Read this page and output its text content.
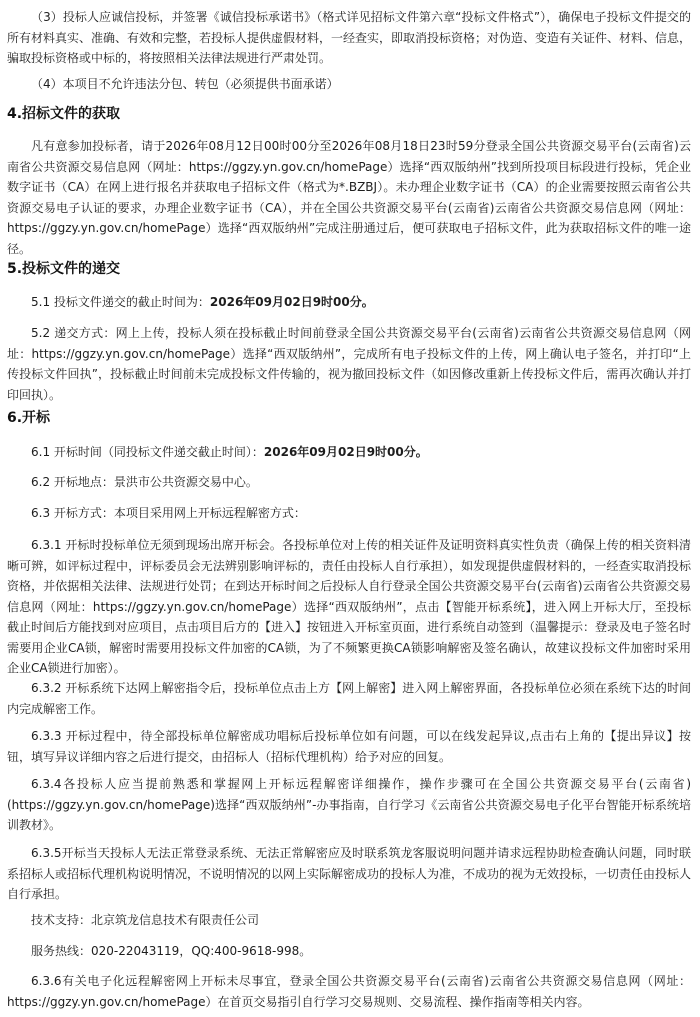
（3）投标人应诚信投标，并签署《诚信投标承诺书》（格式详见招标文件第六章“投标文件格式”），确保电子投标文件提交的所有材料真实、准确、有效和完整，若投标人提供虚假材料，一经查实，即取消投标资格；对伪造、变造有关证件、材料、信息，骗取投标资格或中标的，将按照相关法律法规进行严肃处罚。
（4）本项目不允许违法分包、转包（必须提供书面承诺）
4.招标文件的获取
凡有意参加投标者，请于2026年08月12日00时00分至2026年08月18日23时59分登录全国公共资源交易平台(云南省)云南省公共资源交易信息网（网址：https://ggzy.yn.gov.cn/homePage）选择“西双版纳州”找到所投项目标段进行投标，凭企业数字证书（CA）在网上进行报名并获取电子招标文件（格式为*.BZBJ）。未办理企业数字证书（CA）的企业需要按照云南省公共资源交易电子认证的要求，办理企业数字证书（CA），并在全国公共资源交易平台(云南省)云南省公共资源交易信息网（网址：https://ggzy.yn.gov.cn/homePage）选择“西双版纳州”完成注册通过后，便可获取电子招标文件，此为获取招标文件的唯一途径。
5.投标文件的递交
5.1 投标文件递交的截止时间为：2026年09月02日9时00分。
5.2 递交方式：网上上传，投标人须在投标截止时间前登录全国公共资源交易平台(云南省)云南省公共资源交易信息网（网址：https://ggzy.yn.gov.cn/homePage）选择“西双版纳州”，完成所有电子投标文件的上传，网上确认电子签名，并打印“上传投标文件回执”，投标截止时间前未完成投标文件传输的，视为撤回投标文件（如因修改重新上传投标文件后，需再次确认并打印回执）。
6.开标
6.1 开标时间（同投标文件递交截止时间）：2026年09月02日9时00分。
6.2 开标地点：景洪市公共资源交易中心。
6.3 开标方式：本项目采用网上开标远程解密方式：
6.3.1 开标时投标单位无须到现场出席开标会。各投标单位对上传的相关证件及证明资料真实性负责（确保上传的相关资料清晰可辨，如评标过程中，评标委员会无法辨别影响评标的，责任由投标人自行承担），如发现提供虚假材料的，一经查实取消投标资格，并依据相关法律、法规进行处罚；在到达开标时间之后投标人自行登录全国公共资源交易平台(云南省)云南省公共资源交易信息网（网址：https://ggzy.yn.gov.cn/homePage）选择“西双版纳州”，点击【智能开标系统】，进入网上开标大厅，至投标截止时间后方能找到对应项目，点击项目后方的【进入】按钮进入开标室页面，进行系统自动签到（温馨提示：登录及电子签名时需要用企业CA锁，解密时需要用投标文件加密的CA锁，为了不频繁更换CA锁影响解密及签名确认，故建议投标文件加密时采用企业CA锁进行加密）。
6.3.2 开标系统下达网上解密指令后，投标单位点击上方【网上解密】进入网上解密界面，各投标单位必须在系统下达的时间内完成解密工作。
6.3.3 开标过程中，待全部投标单位解密成功唱标后投标单位如有问题，可以在线发起异议,点击右上角的【提出异议】按钮，填写异议详细内容之后进行提交，由招标人（招标代理机构）给予对应的回复。
6.3.4各投标人应当提前熟悉和掌握网上开标远程解密详细操作，操作步骤可在全国公共资源交易平台(云南省)(https://ggzy.yn.gov.cn/homePage)选择“西双版纳州”-办事指南，自行学习《云南省公共资源交易电子化平台智能开标系统培训教材》。
6.3.5开标当天投标人无法正常登录系统、无法正常解密应及时联系筑龙客服说明问题并请求远程协助检查确认问题，同时联系招标人或招标代理机构说明情况，不说明情况的以网上实际解密成功的投标人为准，不成功的视为无效投标，一切责任由投标人自行承担。
技术支持：北京筑龙信息技术有限责任公司
服务热线：020-22043119，QQ:400-9618-998。
6.3.6有关电子化远程解密网上开标未尽事宜，登录全国公共资源交易平台(云南省)云南省公共资源交易信息网（网址：https://ggzy.yn.gov.cn/homePage）在首页交易指引自行学习交易规则、交易流程、操作指南等相关内容。
